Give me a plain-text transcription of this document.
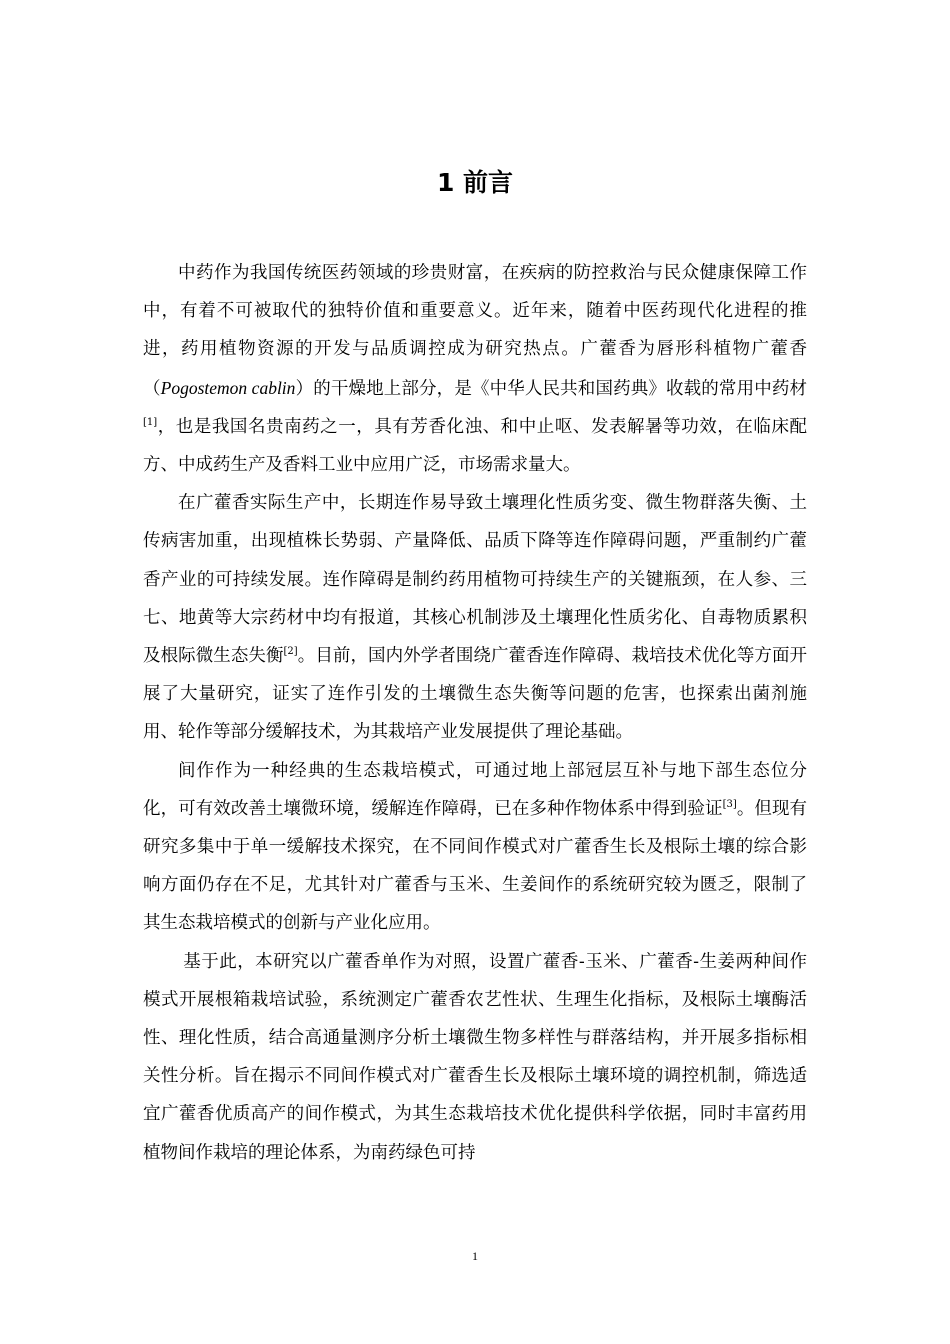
1 前言

中药作为我国传统医药领域的珍贵财富，在疾病的防控救治与民众健康保障工作中，有着不可被取代的独特价值和重要意义。近年来，随着中医药现代化进程的推进，药用植物资源的开发与品质调控成为研究热点。广藿香为唇形科植物广藿香（Pogostemon cablin）的干燥地上部分，是《中华人民共和国药典》收载的常用中药材[1]，也是我国名贵南药之一，具有芳香化浊、和中止呕、发表解暑等功效，在临床配方、中成药生产及香料工业中应用广泛，市场需求量大。

在广藿香实际生产中，长期连作易导致土壤理化性质劣变、微生物群落失衡、土传病害加重，出现植株长势弱、产量降低、品质下降等连作障碍问题，严重制约广藿香产业的可持续发展。连作障碍是制约药用植物可持续生产的关键瓶颈，在人参、三七、地黄等大宗药材中均有报道，其核心机制涉及土壤理化性质劣化、自毒物质累积及根际微生态失衡[2]。目前，国内外学者围绕广藿香连作障碍、栽培技术优化等方面开展了大量研究，证实了连作引发的土壤微生态失衡等问题的危害，也探索出菌剂施用、轮作等部分缓解技术，为其栽培产业发展提供了理论基础。

间作作为一种经典的生态栽培模式，可通过地上部冠层互补与地下部生态位分化，可有效改善土壤微环境，缓解连作障碍，已在多种作物体系中得到验证[3]。但现有研究多集中于单一缓解技术探究，在不同间作模式对广藿香生长及根际土壤的综合影响方面仍存在不足，尤其针对广藿香与玉米、生姜间作的系统研究较为匮乏，限制了其生态栽培模式的创新与产业化应用。

基于此，本研究以广藿香单作为对照，设置广藿香-玉米、广藿香-生姜两种间作模式开展根箱栽培试验，系统测定广藿香农艺性状、生理生化指标，及根际土壤酶活性、理化性质，结合高通量测序分析土壤微生物多样性与群落结构，并开展多指标相关性分析。旨在揭示不同间作模式对广藿香生长及根际土壤环境的调控机制，筛选适宜广藿香优质高产的间作模式，为其生态栽培技术优化提供科学依据，同时丰富药用植物间作栽培的理论体系，为南药绿色可持

1
